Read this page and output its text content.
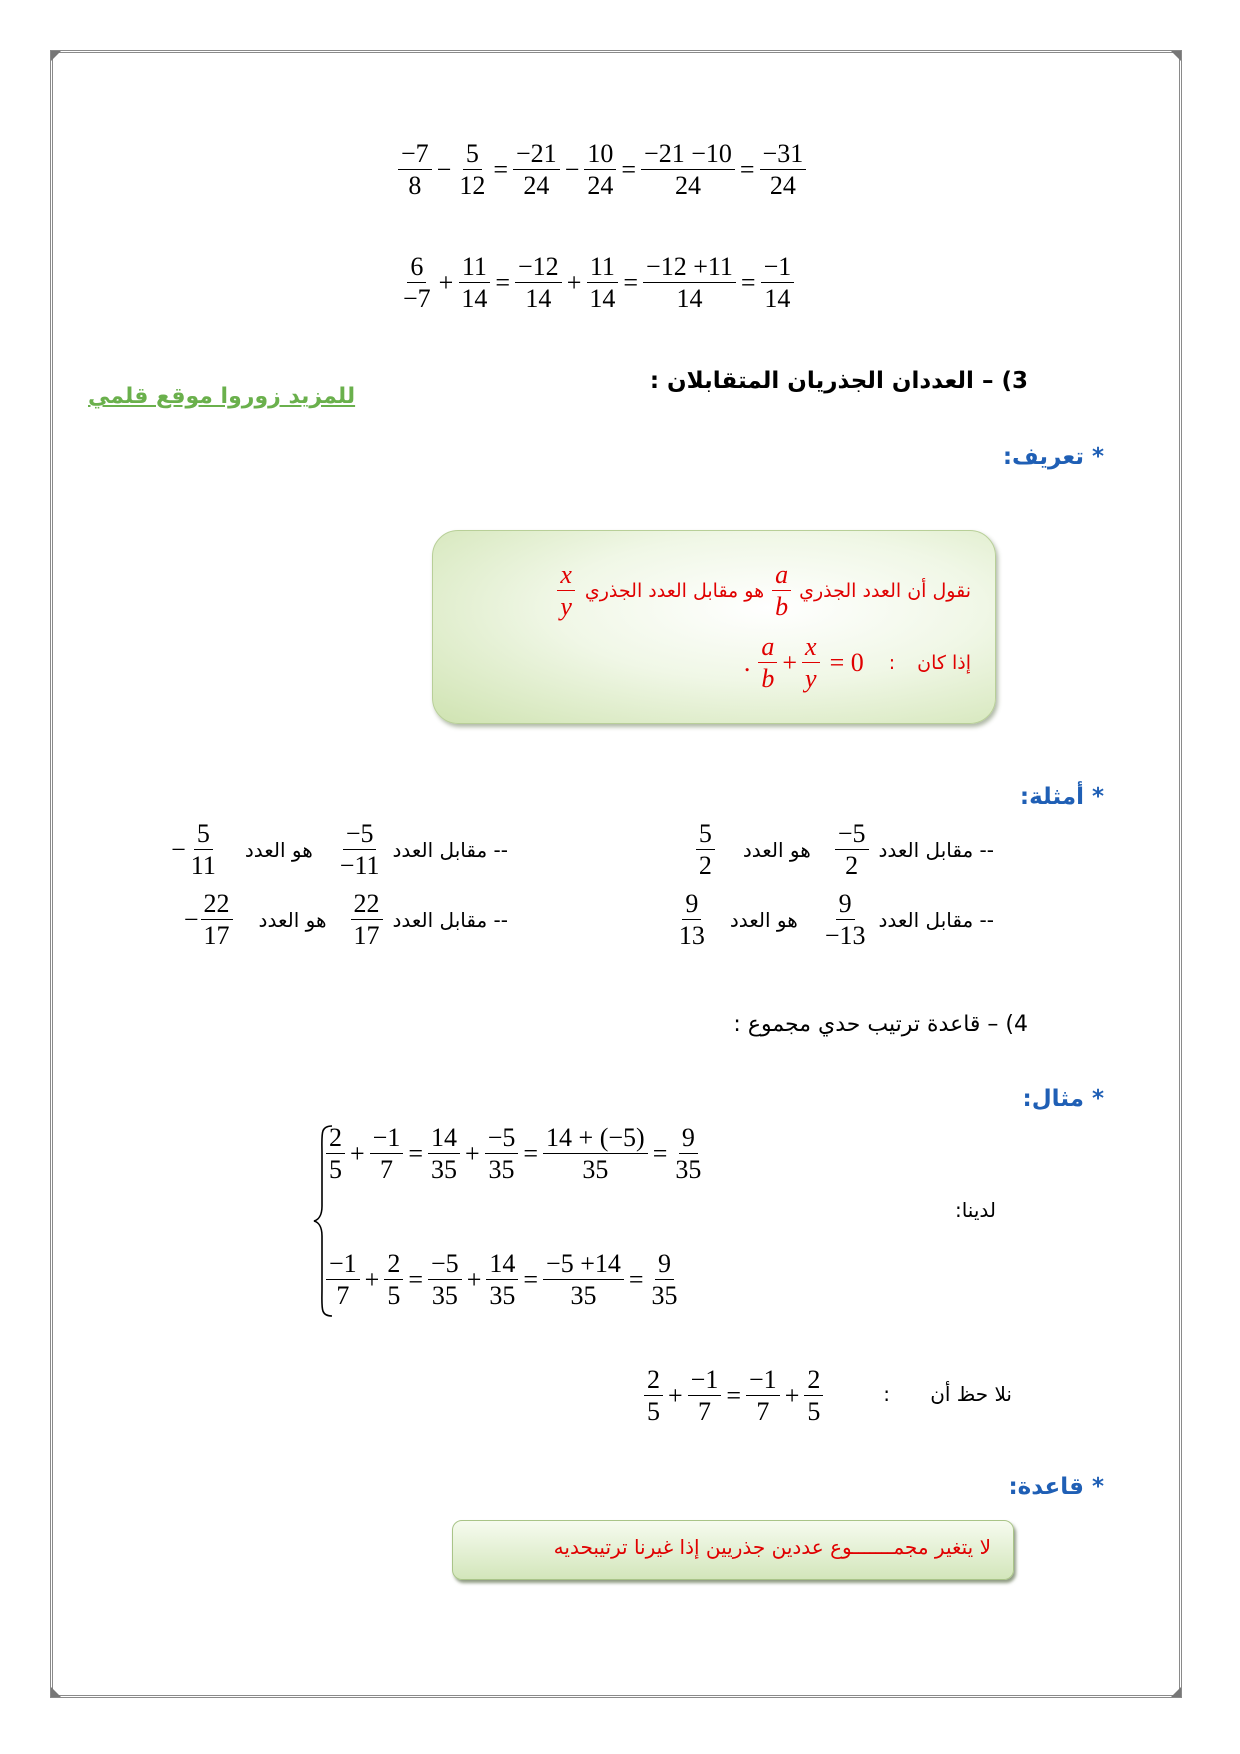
$\frac{-7}{8} - \frac{5}{12} = \frac{-21}{24} - \frac{10}{24} = \frac{-21 -10}{24} = \frac{-31}{24}$
$\frac{6}{-7} + \frac{11}{14} = \frac{-12}{14} + \frac{11}{14} = \frac{-12 +11}{14} = \frac{-1}{14}$
3) – العددان الجذريان المتقابلان :
للمزيد زوروا موقع قلمي
* تعريف:
نقول أن العدد الجذري
$\frac{a}{b}$
هو مقابل العدد الجذري
$\frac{x}{y}$
إذا كان
:
. $\frac{a}{b} + \frac{x}{y} = 0$
* أمثلة:
-- مقابل العدد
$\frac{-5}{2}$
هو العدد
$\frac{5}{2}$
-- مقابل العدد
$\frac{-5}{-11}$
هو العدد
− $\frac{5}{11}$
-- مقابل العدد
$\frac{9}{-13}$
هو العدد
$\frac{9}{13}$
-- مقابل العدد
$\frac{22}{17}$
هو العدد
− $\frac{22}{17}$
4) – قاعدة ترتيب حدي مجموع :
* مثال:
لدينا:
$\frac{2}{5} + \frac{-1}{7} = \frac{14}{35} + \frac{-5}{35} = \frac{14 + (-5)}{35} = \frac{9}{35}$
$\frac{-1}{7} + \frac{2}{5} = \frac{-5}{35} + \frac{14}{35} = \frac{-5 +14}{35} = \frac{9}{35}$
نلا حظ أن
:
$\frac{2}{5} + \frac{-1}{7} = \frac{-1}{7} + \frac{2}{5}$
* قاعدة:
لا يتغير مجمـــــــوع عددين جذريين إذا غيرنا ترتيبحديه
